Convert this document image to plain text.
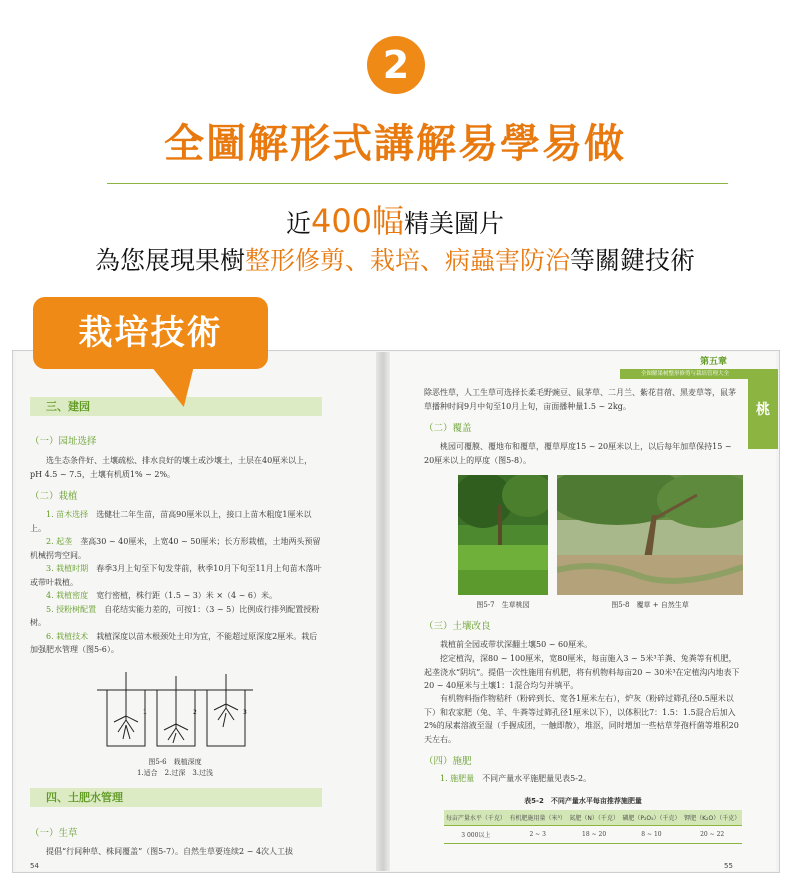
2
全圖解形式講解易學易做
近400幅精美圖片
為您展現果樹整形修剪、栽培、病蟲害防治等關鍵技術
三、建园
（一）园址选择
选生态条件好、土壤疏松、排水良好的壤土或沙壤土，土层在40厘米以上，pH 4.5 ~ 7.5，土壤有机质1% ~ 2%。
（二）栽植
1. 苗木选择　 选健壮二年生苗，苗高90厘米以上，接口上苗木粗度1厘米以上。
2. 起垄　 垄高30 ~ 40厘米，上宽40 ~ 50厘米；长方形栽植，土地两头预留机械拐弯空间。
3. 栽植时期　 春季3月上旬至下旬发芽前，秋季10月下旬至11月上旬苗木落叶或带叶栽植。
4. 栽植密度　 宽行密植，株行距（1.5 ~ 3）米 ×（4 ~ 6）米。
5. 授粉树配置　 自花结实能力差的，可按1：（3 ~ 5）比例成行排列配置授粉树。
6. 栽植技术　 栽植深度以苗木根颈处土印为宜，不能超过原深度2厘米。栽后加强肥水管理（图5-6）。
1	2	3
图5-6　栽植深度
1.适合　2.过深　3.过浅
四、土肥水管理
（一）生草
提倡“行间种草、株间覆盖”（图5-7）。自然生草要连续2 ~ 4次人工拔
54
栽培技術
第五章
全图解果树整形修剪与栽培管理大全
桃
除恶性草，人工生草可选择长柔毛野豌豆、鼠茅草、二月兰、紫花苜蓿、黑麦草等，鼠茅草播种时间9月中旬至10月上旬，亩面播种量1.5 ~ 2kg。
（二）覆盖
桃园可覆膜、覆地布和覆草，覆草厚度15 ~ 20厘米以上，以后每年加草保持15 ~ 20厘米以上的厚度（图5-8）。
图5-7　生草桃园	图5-8　覆草 + 自然生草
（三）土壤改良
栽植前全园或带状深翻土壤50 ~ 60厘米。
挖定植沟，深80 ~ 100厘米，宽80厘米，每亩施入3 ~ 5米³羊粪、兔粪等有机肥，起垄浇水“阴坑”。提倡一次性施用有机肥，将有机物料每亩20 ~ 30米³在定植沟内地表下20 ~ 40厘米与土壤1：1混合均匀并填平。
有机物料指作物秸秆（粉碎到长、宽各1厘米左右），炉灰（粉碎过筛孔径0.5厘米以下）和农家肥（兔、羊、牛粪等过筛孔径1厘米以下），以体积比7：1.5：1.5混合后加入2%的尿素溶液至湿（手握成团，一触即散），堆沤，同时增加一些枯草芽孢杆菌等堆积20天左右。
（四）施肥
1. 施肥量　 不同产量水平施肥量见表5-2。
表5-2　不同产量水平每亩推荐施肥量
每亩产量水平（千克）	有机肥施用量（米³）	氮肥（N）（千克）	磷肥（P₂O₅）（千克）	钾肥（K₂O）（千克）
3 000以上	2 ~ 3	18 ~ 20	8 ~ 10	20 ~ 22
55
